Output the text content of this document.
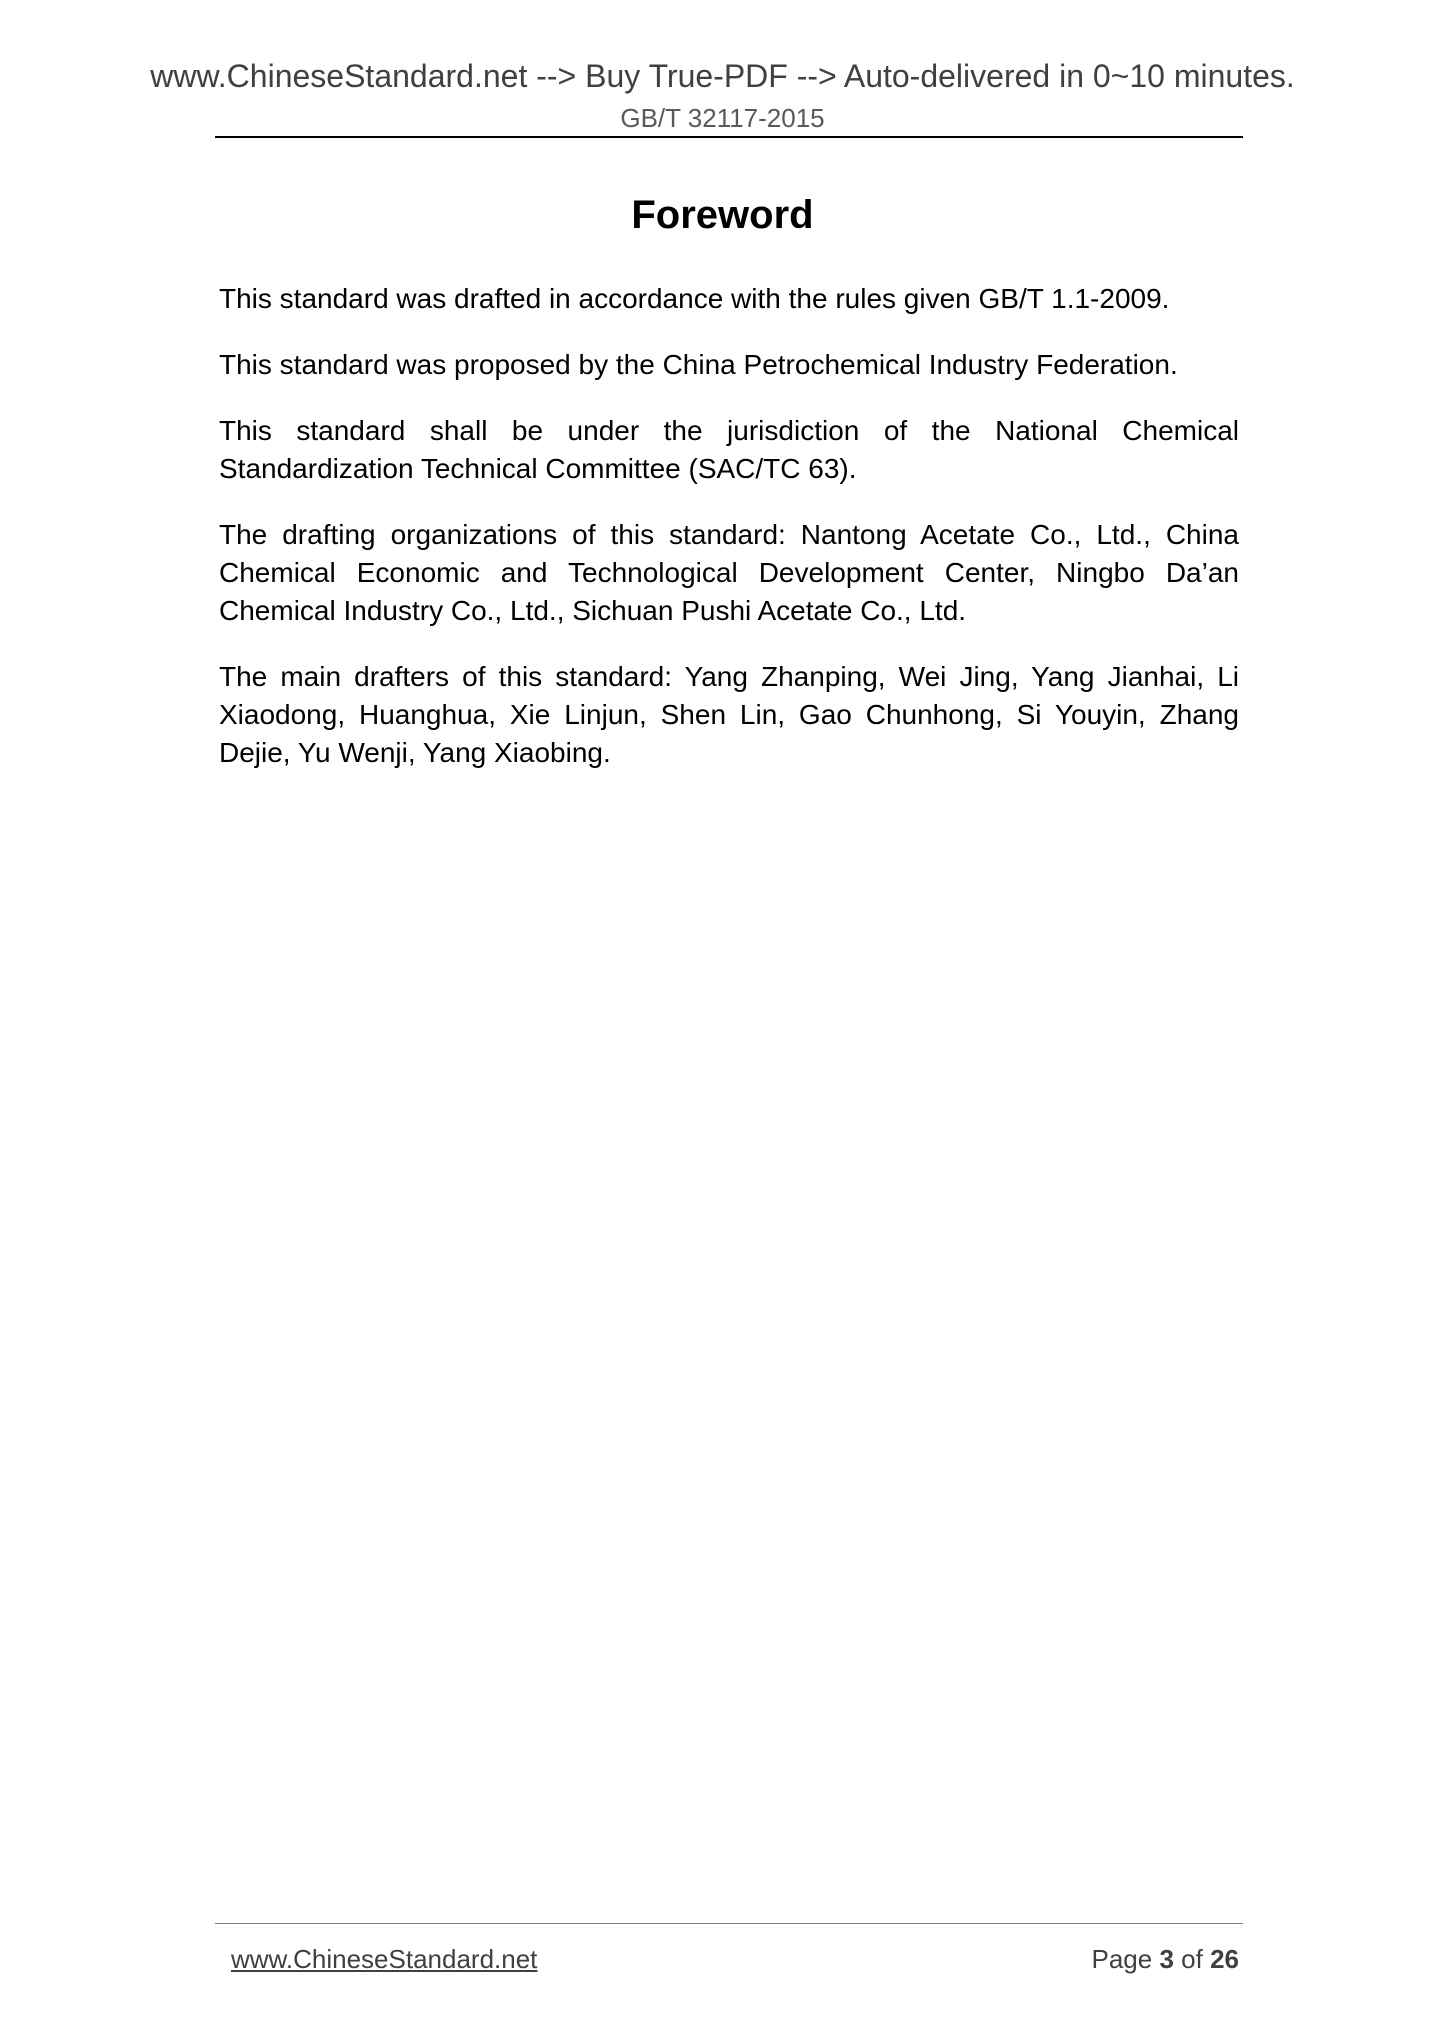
www.ChineseStandard.net --> Buy True-PDF --> Auto-delivered in 0~10 minutes.
GB/T 32117-2015
Foreword

This standard was drafted in accordance with the rules given GB/T 1.1-2009.

This standard was proposed by the China Petrochemical Industry Federation.

This standard shall be under the jurisdiction of the National Chemical Standardization Technical Committee (SAC/TC 63).

The drafting organizations of this standard: Nantong Acetate Co., Ltd., China Chemical Economic and Technological Development Center, Ningbo Da’an Chemical Industry Co., Ltd., Sichuan Pushi Acetate Co., Ltd.

The main drafters of this standard: Yang Zhanping, Wei Jing, Yang Jianhai, Li Xiaodong, Huanghua, Xie Linjun, Shen Lin, Gao Chunhong, Si Youyin, Zhang Dejie, Yu Wenji, Yang Xiaobing.

www.ChineseStandard.net	Page 3 of 26
